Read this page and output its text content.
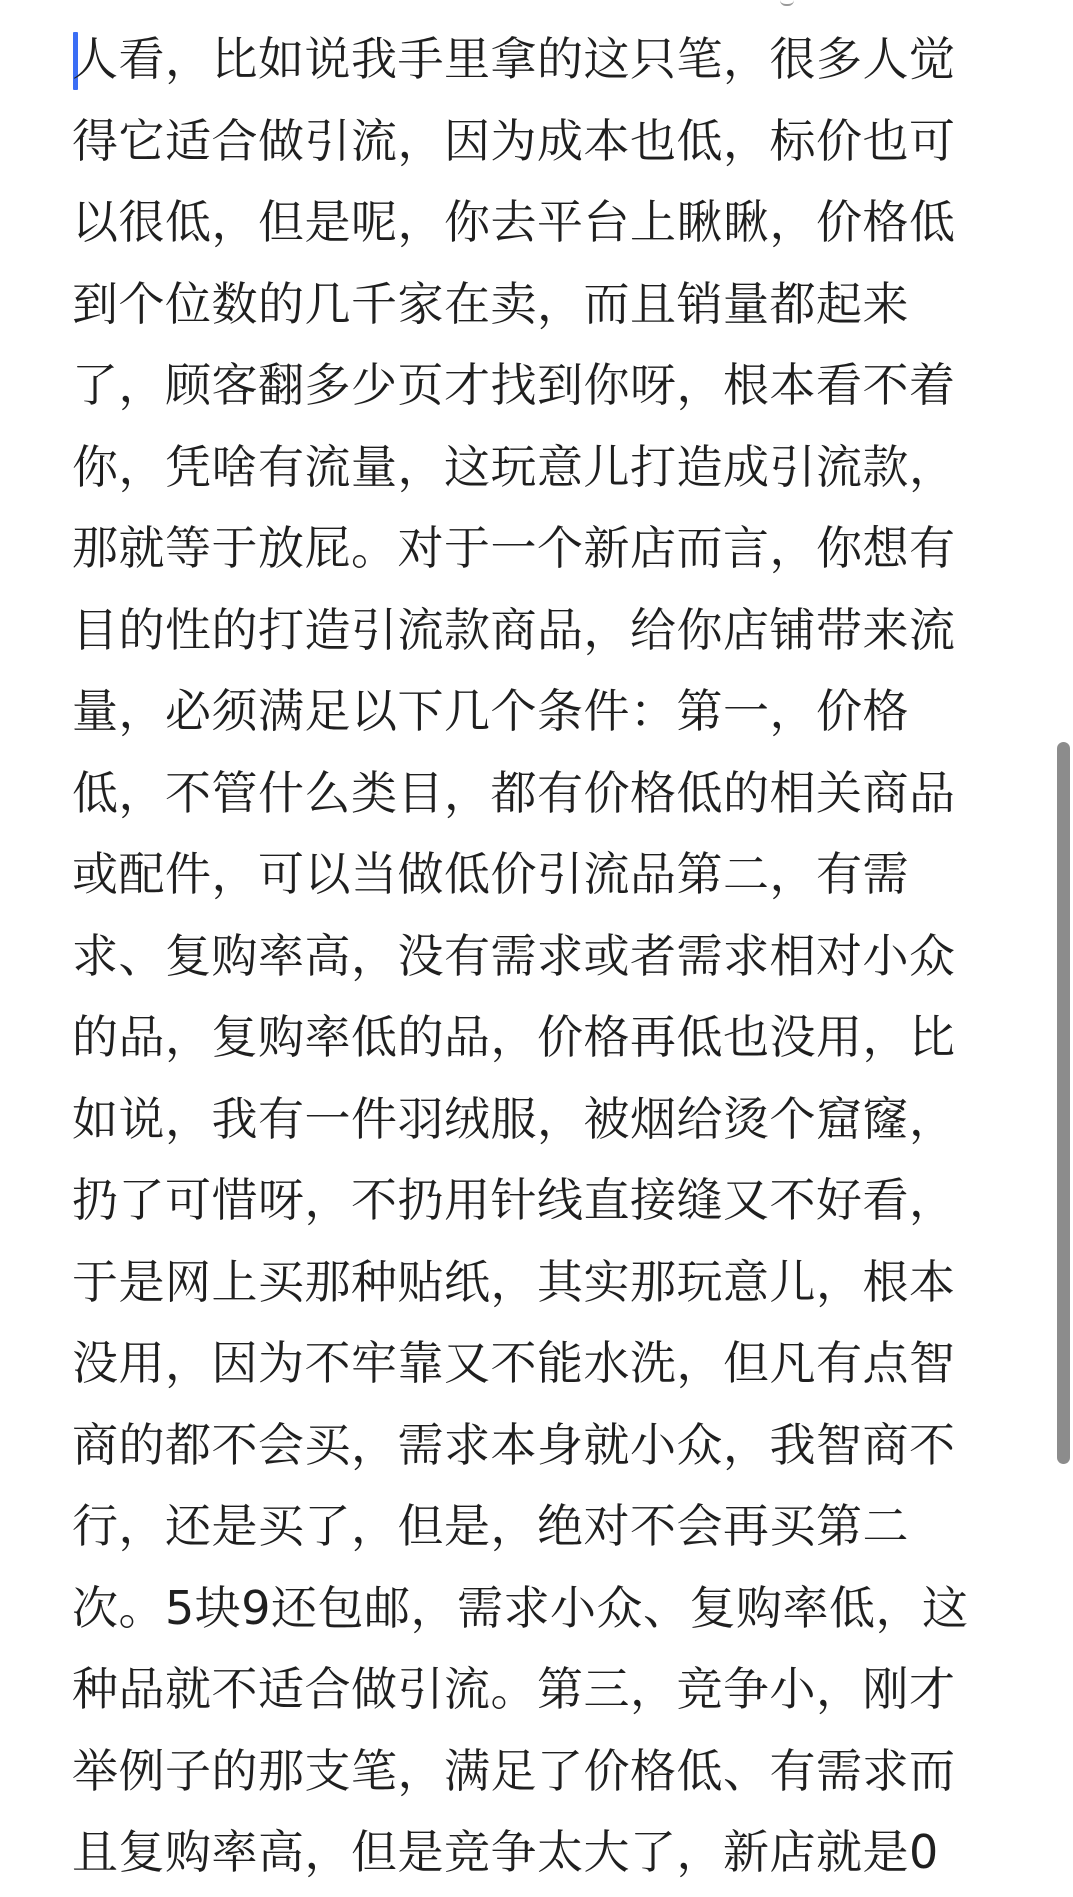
人看，比如说我手里拿的这只笔，很多人觉
得它适合做引流，因为成本也低，标价也可
以很低，但是呢，你去平台上瞅瞅，价格低
到个位数的几千家在卖，而且销量都起来
了，顾客翻多少页才找到你呀，根本看不着
你，凭啥有流量，这玩意儿打造成引流款，
那就等于放屁。对于一个新店而言，你想有
目的性的打造引流款商品，给你店铺带来流
量，必须满足以下几个条件：第一，价格
低，不管什么类目，都有价格低的相关商品
或配件，可以当做低价引流品第二，有需
求、复购率高，没有需求或者需求相对小众
的品，复购率低的品，价格再低也没用，比
如说，我有一件羽绒服，被烟给烫个窟窿，
扔了可惜呀，不扔用针线直接缝又不好看，
于是网上买那种贴纸，其实那玩意儿，根本
没用，因为不牢靠又不能水洗，但凡有点智
商的都不会买，需求本身就小众，我智商不
行，还是买了，但是，绝对不会再买第二
次。5块9还包邮，需求小众、复购率低，这
种品就不适合做引流。第三，竞争小，刚才
举例子的那支笔，满足了价格低、有需求而
且复购率高，但是竞争太大了，新店就是0
